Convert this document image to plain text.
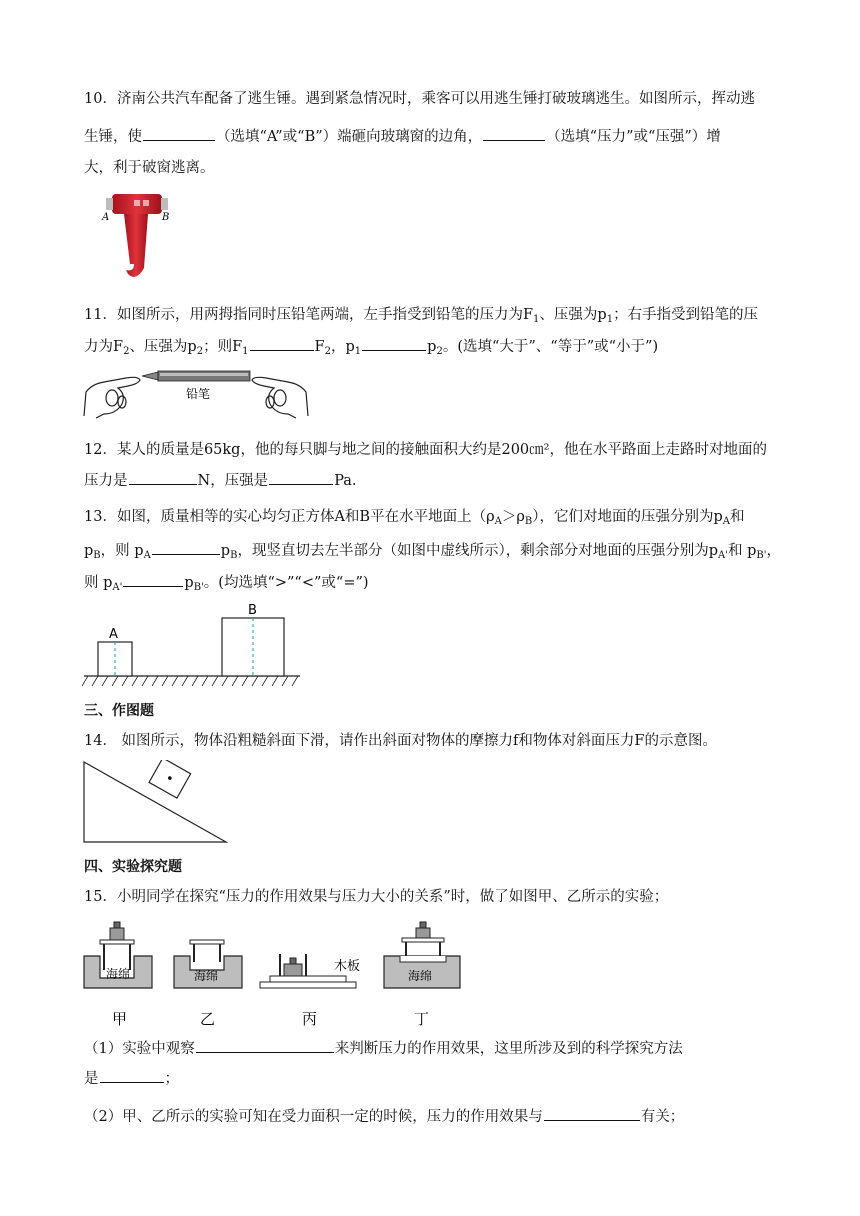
10．济南公共汽车配备了逃生锤。遇到紧急情况时，乘客可以用逃生锤打破玻璃逃生。如图所示，挥动逃
生锤，使	（选填“A”或“B”）端砸向玻璃窗的边角，	（选填“压力”或“压强”）增
大，利于破窗逃离。
A	B
11．如图所示，用两拇指同时压铅笔两端，左手指受到铅笔的压力为$F_1$、压强为$p_1$；右手指受到铅笔的压
力为$F_2$、压强为$p_2$；则$F_1$	$F_2$，$p_1$	$p_2$。(选填“大于”、“等于”或“小于”)
铅笔
12．某人的质量是65kg，他的每只脚与地之间的接触面积大约是200㎝²，他在水平路面上走路时对地面的
压力是	N，压强是	Pa.
13．如图，质量相等的实心均匀正方体A和B平在水平地面上$(\rho_A>\rho_B)$，它们对地面的压强分别为$p_A$和
$p_B$，则 $p_A$	$p_B$，现竖直切去左半部分（如图中虚线所示），剩余部分对地面的压强分别为$p_{A'}$和 $p_{B'}$，
则 $p_{A'}$	$p_{B'}$。(均选填“>”“<”或“=”)
A
B
三、作图题
14． 如图所示，物体沿粗糙斜面下滑，请作出斜面对物体的摩擦力f和物体对斜面压力F的示意图。
四、实验探究题
15．小明同学在探究“压力的作用效果与压力大小的关系”时，做了如图甲、乙所示的实验；
海绵	海绵
木板
海绵
甲	乙	丙	丁
（1）实验中观察	来判断压力的作用效果，这里所涉及到的科学探究方法
是	；
（2）甲、乙所示的实验可知在受力面积一定的时候，压力的作用效果与	有关；
